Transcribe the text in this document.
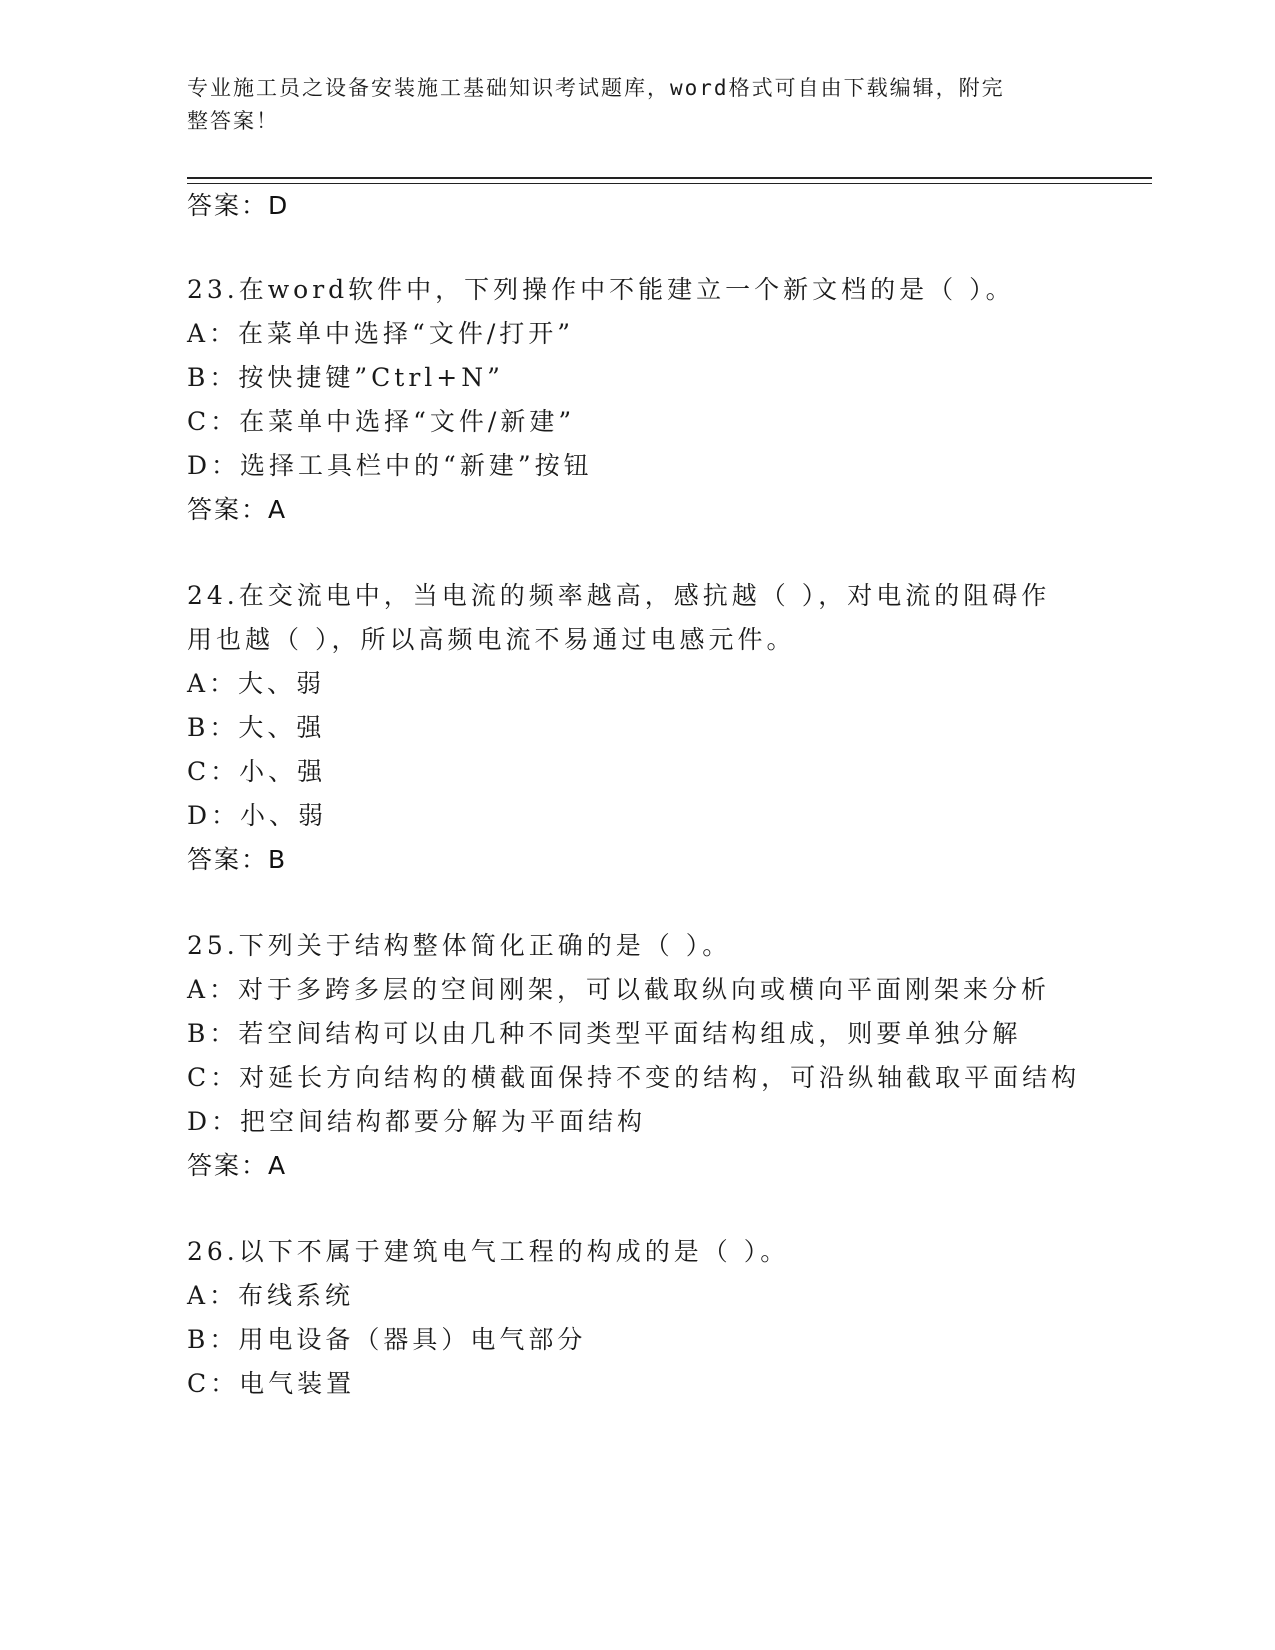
专业施工员之设备安装施工基础知识考试题库，word格式可自由下载编辑，附完
整答案！
答案：D
23.在word软件中，下列操作中不能建立一个新文档的是（ ）。
A：在菜单中选择“文件/打开”
B：按快捷键”Ctrl+N”
C：在菜单中选择“文件/新建”
D：选择工具栏中的“新建”按钮
答案：A
24.在交流电中，当电流的频率越高，感抗越（ ），对电流的阻碍作
用也越（ ），所以高频电流不易通过电感元件。
A：大、弱
B：大、强
C：小、强
D：小、弱
答案：B
25.下列关于结构整体简化正确的是（ ）。
A：对于多跨多层的空间刚架，可以截取纵向或横向平面刚架来分析
B：若空间结构可以由几种不同类型平面结构组成，则要单独分解
C：对延长方向结构的横截面保持不变的结构，可沿纵轴截取平面结构
D：把空间结构都要分解为平面结构
答案：A
26.以下不属于建筑电气工程的构成的是（ ）。
A：布线系统
B：用电设备（器具）电气部分
C：电气装置
